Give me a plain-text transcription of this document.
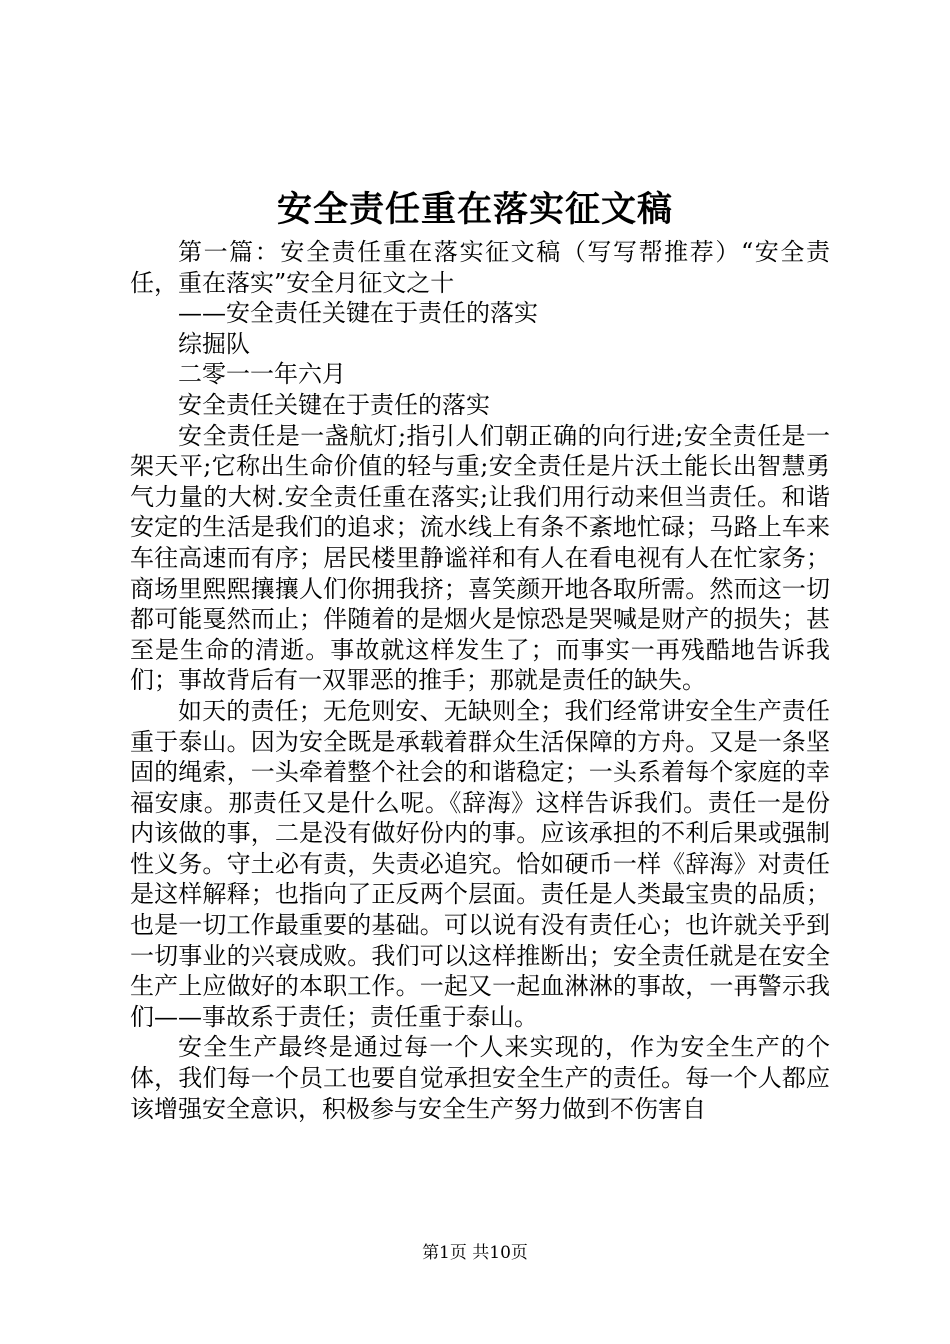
安全责任重在落实征文稿

第一篇：安全责任重在落实征文稿（写写帮推荐）“安全责任，重在落实”安全月征文之十

——安全责任关键在于责任的落实

综掘队

二零一一年六月

安全责任关键在于责任的落实

安全责任是一盏航灯;指引人们朝正确的向行进;安全责任是一架天平;它称出生命价值的轻与重;安全责任是片沃土能长出智慧勇气力量的大树.安全责任重在落实;让我们用行动来但当责任。和谐安定的生活是我们的追求；流水线上有条不紊地忙碌；马路上车来车往高速而有序；居民楼里静谧祥和有人在看电视有人在忙家务；商场里熙熙攘攘人们你拥我挤；喜笑颜开地各取所需。然而这一切都可能戛然而止；伴随着的是烟火是惊恐是哭喊是财产的损失；甚至是生命的清逝。事故就这样发生了；而事实一再残酷地告诉我们；事故背后有一双罪恶的推手；那就是责任的缺失。

如天的责任；无危则安、无缺则全；我们经常讲安全生产责任重于泰山。因为安全既是承载着群众生活保障的方舟。又是一条坚固的绳索，一头牵着整个社会的和谐稳定；一头系着每个家庭的幸福安康。那责任又是什么呢。《辞海》这样告诉我们。责任一是份内该做的事，二是没有做好份内的事。应该承担的不利后果或强制性义务。守土必有责，失责必追究。恰如硬币一样《辞海》对责任是这样解释；也指向了正反两个层面。责任是人类最宝贵的品质；也是一切工作最重要的基础。可以说有没有责任心；也许就关乎到一切事业的兴衰成败。我们可以这样推断出；安全责任就是在安全生产上应做好的本职工作。一起又一起血淋淋的事故，一再警示我们——事故系于责任；责任重于泰山。

安全生产最终是通过每一个人来实现的，作为安全生产的个体，我们每一个员工也要自觉承担安全生产的责任。每一个人都应该增强安全意识，积极参与安全生产努力做到不伤害自

第1页 共10页
